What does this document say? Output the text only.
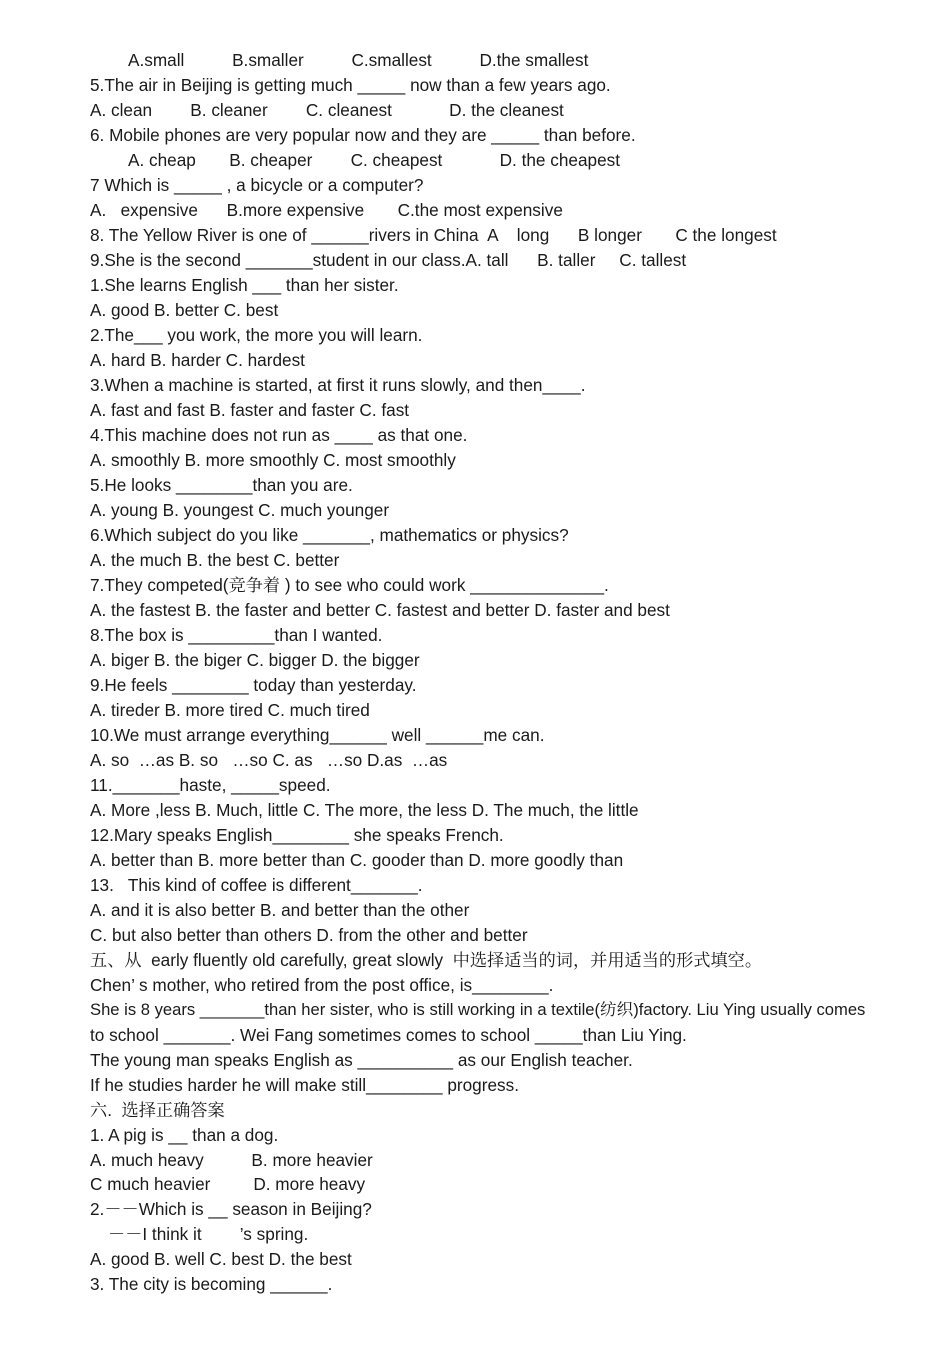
A.small          B.smaller          C.smallest          D.the smallest
5.The air in Beijing is getting much _____ now than a few years ago.
A. clean        B. cleaner        C. cleanest            D. the cleanest
6. Mobile phones are very popular now and they are _____ than before.
A. cheap       B. cheaper        C. cheapest            D. the cheapest
7 Which is _____ , a bicycle or a computer?
A.   expensive      B.more expensive       C.the most expensive
8. The Yellow River is one of ______rivers in China  A    long      B longer       C the longest
9.She is the second _______student in our class.A. tall      B. taller     C. tallest
1.She learns English ___ than her sister.
A. good B. better C. best
2.The___ you work, the more you will learn.
A. hard B. harder C. hardest
3.When a machine is started, at first it runs slowly, and then____.
A. fast and fast B. faster and faster C. fast
4.This machine does not run as ____ as that one.
A. smoothly B. more smoothly C. most smoothly
5.He looks ________than you are.
A. young B. youngest C. much younger
6.Which subject do you like _______, mathematics or physics?
A. the much B. the best C. better
7.They competed(竞争着 ) to see who could work ______________.
A. the fastest B. the faster and better C. fastest and better D. faster and best
8.The box is _________than I wanted.
A. biger B. the biger C. bigger D. the bigger
9.He feels ________ today than yesterday.
A. tireder B. more tired C. much tired
10.We must arrange everything______ well ______me can.
A. so  …as B. so   …so C. as   …so D.as  …as
11._______haste, _____speed.
A. More ,less B. Much, little C. The more, the less D. The much, the little
12.Mary speaks English________ she speaks French.
A. better than B. more better than C. gooder than D. more goodly than
13.   This kind of coffee is different_______.
A. and it is also better B. and better than the other
C. but also better than others D. from the other and better
五、从  early fluently old carefully, great slowly  中选择适当的词，并用适当的形式填空。
Chen’ s mother, who retired from the post office, is________.
She is 8 years _______than her sister, who is still working in a textile(纺织)factory. Liu Ying usually comes
to school _______. Wei Fang sometimes comes to school _____than Liu Ying.
The young man speaks English as __________ as our English teacher.
If he studies harder he will make still________ progress.
六.  选择正确答案
1. A pig is __ than a dog.
A. much heavy          B. more heavier
C much heavier         D. more heavy
2.－－Which is __ season in Beijing?
－－I think it        ’s spring.
A. good B. well C. best D. the best
3. The city is becoming ______.
